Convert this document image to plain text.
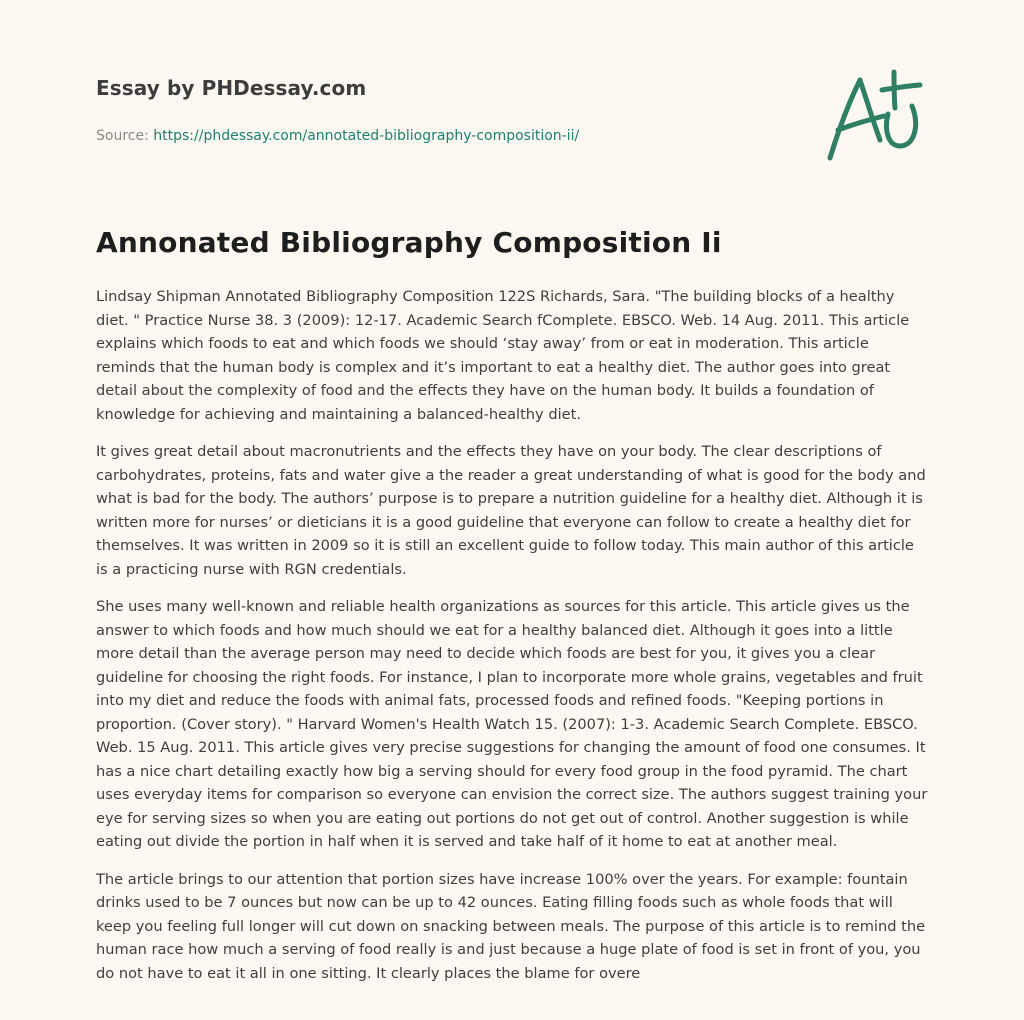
Essay by PHDessay.com
Source: https://phdessay.com/annotated-bibliography-composition-ii/
Annonated Bibliography Composition Ii

Lindsay Shipman Annotated Bibliography Composition 122S Richards, Sara. "The building blocks of a healthy diet. " Practice Nurse 38. 3 (2009): 12-17. Academic Search fComplete. EBSCO. Web. 14 Aug. 2011. This article explains which foods to eat and which foods we should ‘stay away’ from or eat in moderation. This article reminds that the human body is complex and it’s important to eat a healthy diet. The author goes into great detail about the complexity of food and the effects they have on the human body. It builds a foundation of knowledge for achieving and maintaining a balanced-healthy diet.

It gives great detail about macronutrients and the effects they have on your body. The clear descriptions of carbohydrates, proteins, fats and water give a the reader a great understanding of what is good for the body and what is bad for the body. The authors’ purpose is to prepare a nutrition guideline for a healthy diet. Although it is written more for nurses’ or dieticians it is a good guideline that everyone can follow to create a healthy diet for themselves. It was written in 2009 so it is still an excellent guide to follow today. This main author of this article is a practicing nurse with RGN credentials.

She uses many well-known and reliable health organizations as sources for this article. This article gives us the answer to which foods and how much should we eat for a healthy balanced diet. Although it goes into a little more detail than the average person may need to decide which foods are best for you, it gives you a clear guideline for choosing the right foods. For instance, I plan to incorporate more whole grains, vegetables and fruit into my diet and reduce the foods with animal fats, processed foods and refined foods. "Keeping portions in proportion. (Cover story). " Harvard Women's Health Watch 15. (2007): 1-3. Academic Search Complete. EBSCO. Web. 15 Aug. 2011. This article gives very precise suggestions for changing the amount of food one consumes. It has a nice chart detailing exactly how big a serving should for every food group in the food pyramid. The chart uses everyday items for comparison so everyone can envision the correct size. The authors suggest training your eye for serving sizes so when you are eating out portions do not get out of control. Another suggestion is while eating out divide the portion in half when it is served and take half of it home to eat at another meal.

The article brings to our attention that portion sizes have increase 100% over the years. For example: fountain drinks used to be 7 ounces but now can be up to 42 ounces. Eating filling foods such as whole foods that will keep you feeling full longer will cut down on snacking between meals. The purpose of this article is to remind the human race how much a serving of food really is and just because a huge plate of food is set in front of you, you do not have to eat it all in one sitting. It clearly places the blame for overe
